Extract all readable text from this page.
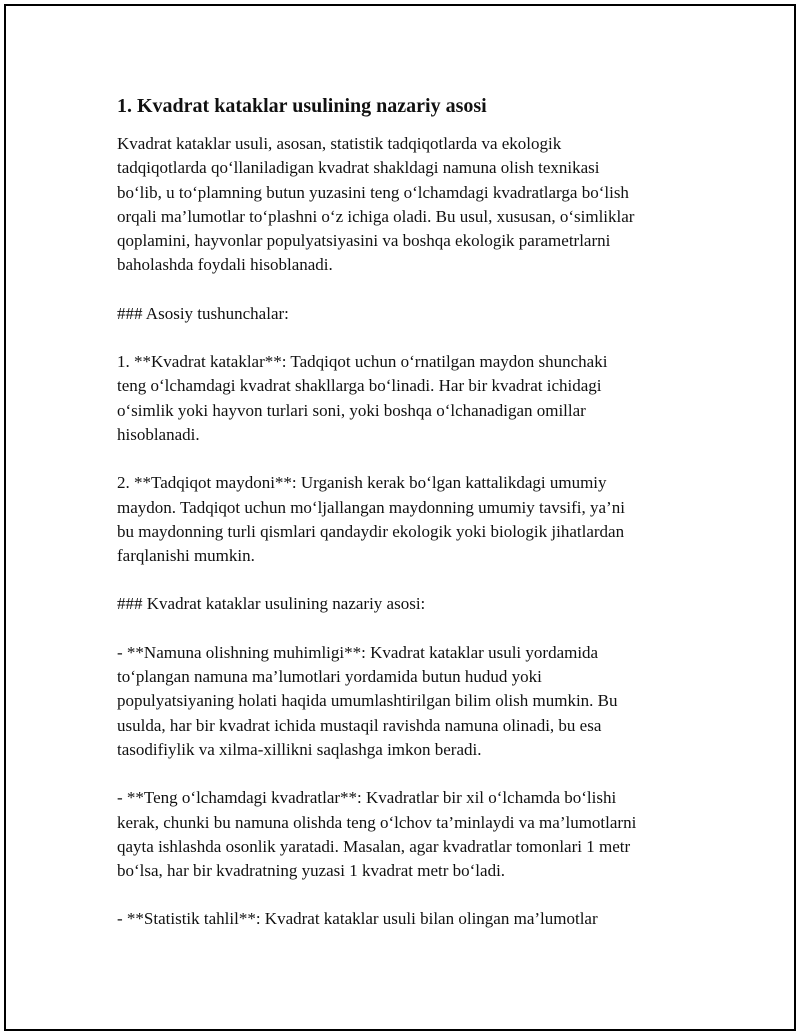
1. Kvadrat kataklar usulining nazariy asosi
Kvadrat kataklar usuli, asosan, statistik tadqiqotlarda va ekologik
tadqiqotlarda qo‘llaniladigan kvadrat shakldagi namuna olish texnikasi
bo‘lib, u to‘plamning butun yuzasini teng o‘lchamdagi kvadratlarga bo‘lish
orqali ma’lumotlar to‘plashni o‘z ichiga oladi. Bu usul, xususan, o‘simliklar
qoplamini, hayvonlar populyatsiyasini va boshqa ekologik parametrlarni
baholashda foydali hisoblanadi.
### Asosiy tushunchalar:
1. **Kvadrat kataklar**: Tadqiqot uchun o‘rnatilgan maydon shunchaki
teng o‘lchamdagi kvadrat shakllarga bo‘linadi. Har bir kvadrat ichidagi
o‘simlik yoki hayvon turlari soni, yoki boshqa o‘lchanadigan omillar
hisoblanadi.
2. **Tadqiqot maydoni**: Urganish kerak bo‘lgan kattalikdagi umumiy
maydon. Tadqiqot uchun mo‘ljallangan maydonning umumiy tavsifi, ya’ni
bu maydonning turli qismlari qandaydir ekologik yoki biologik jihatlardan
farqlanishi mumkin.
### Kvadrat kataklar usulining nazariy asosi:
- **Namuna olishning muhimligi**: Kvadrat kataklar usuli yordamida
to‘plangan namuna ma’lumotlari yordamida butun hudud yoki
populyatsiyaning holati haqida umumlashtirilgan bilim olish mumkin. Bu
usulda, har bir kvadrat ichida mustaqil ravishda namuna olinadi, bu esa
tasodifiylik va xilma-xillikni saqlashga imkon beradi.
- **Teng o‘lchamdagi kvadratlar**: Kvadratlar bir xil o‘lchamda bo‘lishi
kerak, chunki bu namuna olishda teng o‘lchov ta’minlaydi va ma’lumotlarni
qayta ishlashda osonlik yaratadi. Masalan, agar kvadratlar tomonlari 1 metr
bo‘lsa, har bir kvadratning yuzasi 1 kvadrat metr bo‘ladi.
- **Statistik tahlil**: Kvadrat kataklar usuli bilan olingan ma’lumotlar
